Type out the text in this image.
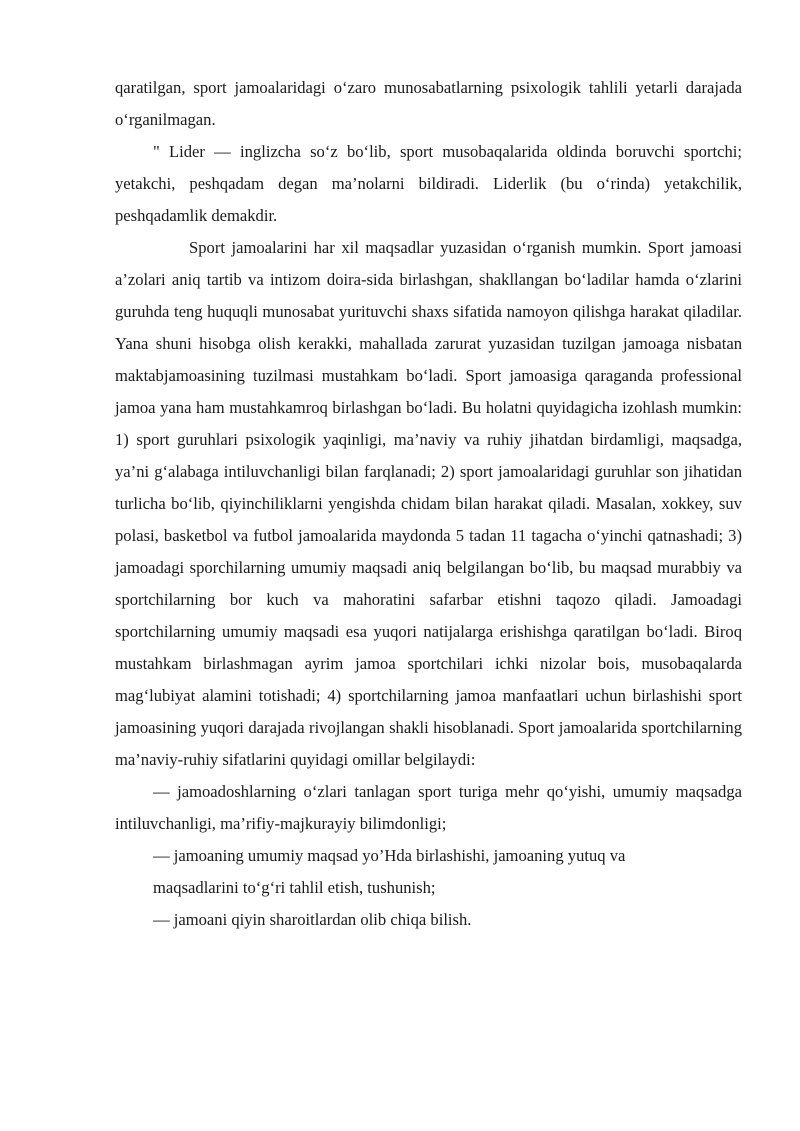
qaratilgan, sport jamoalaridagi o‘zaro munosabatlarning psixologik tahlili yetarli darajada o‘rganilmagan.

" Lider — inglizcha so‘z bo‘lib, sport musobaqalarida oldinda boruvchi sportchi; yetakchi, peshqadam degan ma’nolarni bildiradi. Liderlik (bu o‘rinda) yetakchilik, peshqadamlik demakdir.

Sport jamoalarini har xil maqsadlar yuzasidan o‘rganish mumkin. Sport jamoasi a’zolari aniq tartib va intizom doira-sida birlashgan, shakllangan bo‘ladilar hamda o‘zlarini guruhda teng huquqli munosabat yurituvchi shaxs sifatida namoyon qilishga harakat qiladilar. Yana shuni hisobga olish kerakki, mahallada zarurat yuzasidan tuzilgan jamoaga nisbatan maktabjamoasining tuzilmasi mustahkam bo‘ladi. Sport jamoasiga qaraganda professional jamoa yana ham mustahkamroq birlashgan bo‘ladi. Bu holatni quyidagicha izohlash mumkin: 1) sport guruhlari psixologik yaqinligi, ma’naviy va ruhiy jihatdan birdamligi, maqsadga, ya’ni g‘alabaga intiluvchanligi bilan farqlanadi; 2) sport jamoalaridagi guruhlar son jihatidan turlicha bo‘lib, qiyinchiliklarni yengishda chidam bilan harakat qiladi. Masalan, xokkey, suv polasi, basketbol va futbol jamoalarida maydonda 5 tadan 11 tagacha o‘yinchi qatnashadi; 3) jamoadagi sporchilarning umumiy maqsadi aniq belgilangan bo‘lib, bu maqsad murabbiy va sportchilarning bor kuch va mahoratini safarbar etishni taqozo qiladi. Jamoadagi sportchilarning umumiy maqsadi esa yuqori natijalarga erishishga qaratilgan bo‘ladi. Biroq mustahkam birlashmagan ayrim jamoa sportchilari ichki nizolar bois, musobaqalarda mag‘lubiyat alamini totishadi; 4) sportchilarning jamoa manfaatlari uchun birlashishi sport jamoasining yuqori darajada rivojlangan shakli hisoblanadi. Sport jamoalarida sportchilarning ma’naviy-ruhiy sifatlarini quyidagi omillar belgilaydi:

— jamoadoshlarning o‘zlari tanlagan sport turiga mehr qo‘yishi, umumiy maqsadga intiluvchanligi, ma’rifiy-majkurayiy bilimdonligi;

— jamoaning umumiy maqsad yo’Hda birlashishi, jamoaning yutuq va

maqsadlarini to‘g‘ri tahlil etish, tushunish;

— jamoani qiyin sharoitlardan olib chiqa bilish.
